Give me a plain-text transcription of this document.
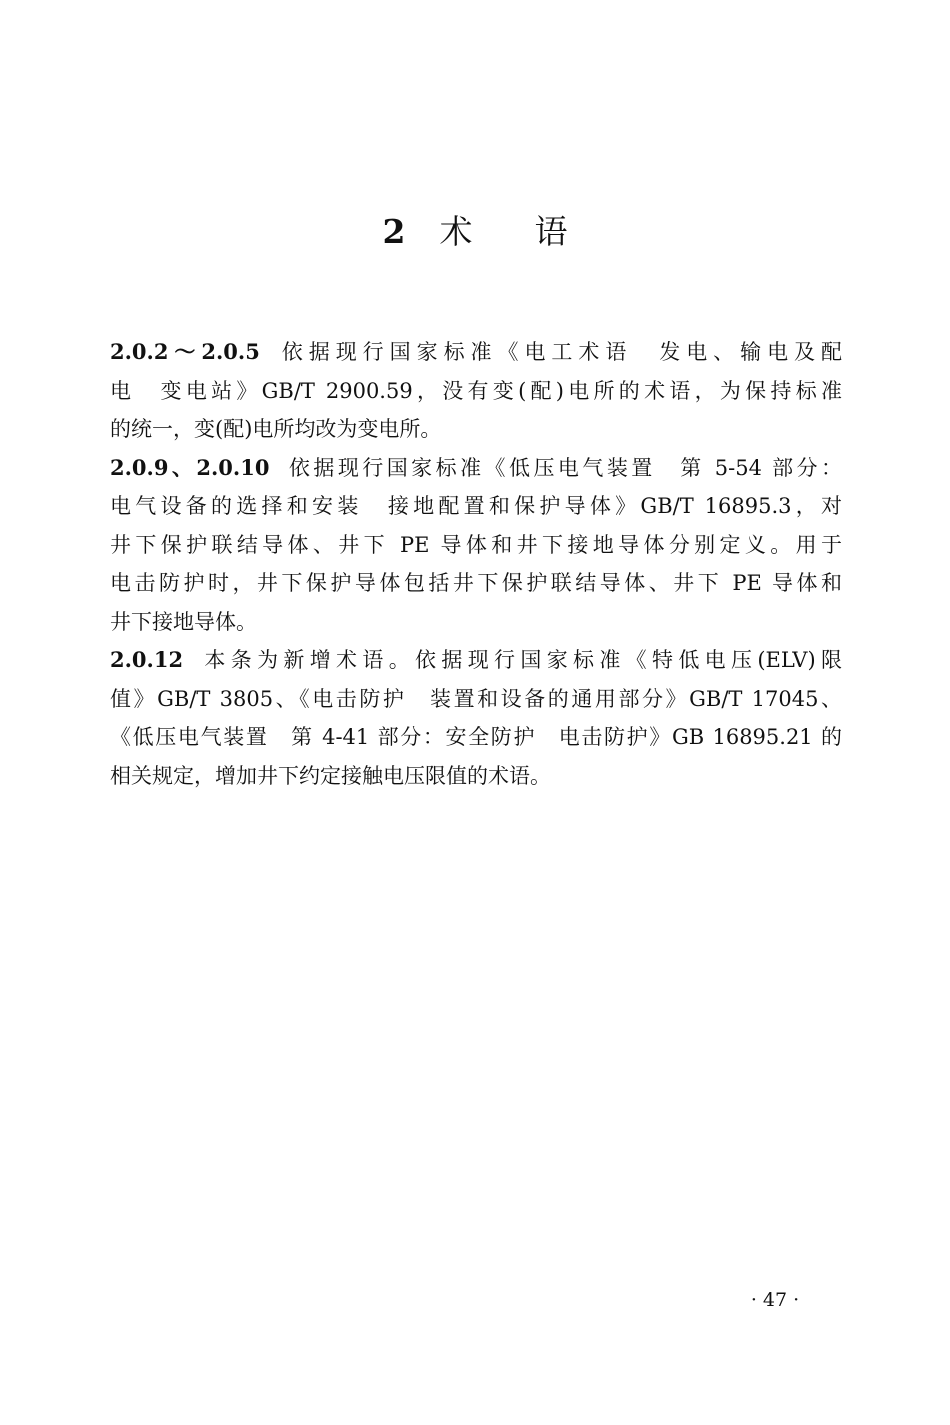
2 术 语
2.0.2～2.0.5 依据现行国家标准《电工术语　发电、输电及配
电　变电站》GB/T 2900.59，没有变(配)电所的术语，为保持标准
的统一，变(配)电所均改为变电所。
2.0.9、2.0.10 依据现行国家标准《低压电气装置　第 5-54 部分：
电气设备的选择和安装　接地配置和保护导体》GB/T 16895.3，对
井下保护联结导体、井下 PE 导体和井下接地导体分别定义。用于
电击防护时，井下保护导体包括井下保护联结导体、井下 PE 导体和
井下接地导体。
2.0.12 本条为新增术语。依据现行国家标准《特低电压(ELV)限
值》GB/T 3805、《电击防护　装置和设备的通用部分》GB/T 17045、
《低压电气装置　第 4-41 部分：安全防护　电击防护》GB 16895.21 的
相关规定，增加井下约定接触电压限值的术语。
· 47 ·
